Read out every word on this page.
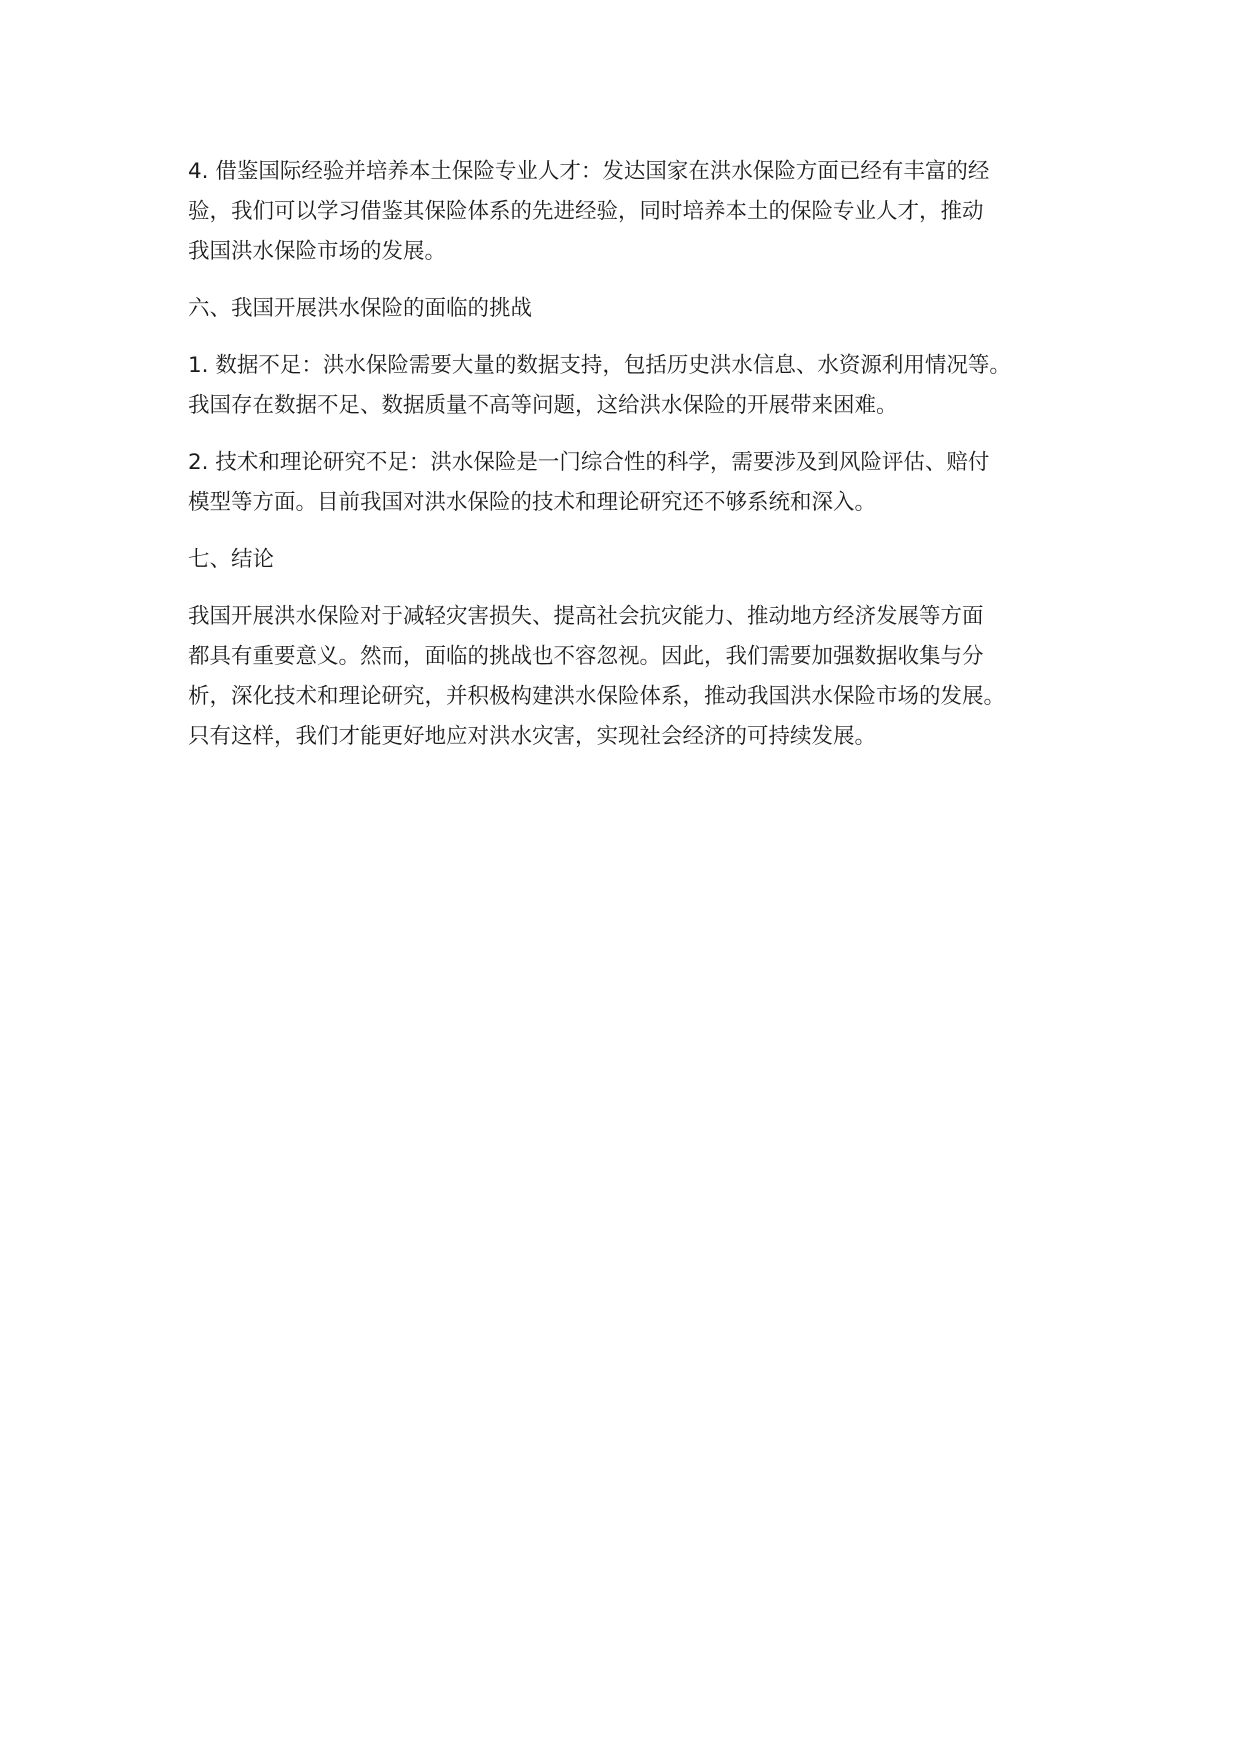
4. 借鉴国际经验并培养本土保险专业人才：发达国家在洪水保险方面已经有丰富的经
验，我们可以学习借鉴其保险体系的先进经验，同时培养本土的保险专业人才，推动
我国洪水保险市场的发展。

六、我国开展洪水保险的面临的挑战

1. 数据不足：洪水保险需要大量的数据支持，包括历史洪水信息、水资源利用情况等。
我国存在数据不足、数据质量不高等问题，这给洪水保险的开展带来困难。

2. 技术和理论研究不足：洪水保险是一门综合性的科学，需要涉及到风险评估、赔付
模型等方面。目前我国对洪水保险的技术和理论研究还不够系统和深入。

七、结论

我国开展洪水保险对于减轻灾害损失、提高社会抗灾能力、推动地方经济发展等方面
都具有重要意义。然而，面临的挑战也不容忽视。因此，我们需要加强数据收集与分
析，深化技术和理论研究，并积极构建洪水保险体系，推动我国洪水保险市场的发展。
只有这样，我们才能更好地应对洪水灾害，实现社会经济的可持续发展。
